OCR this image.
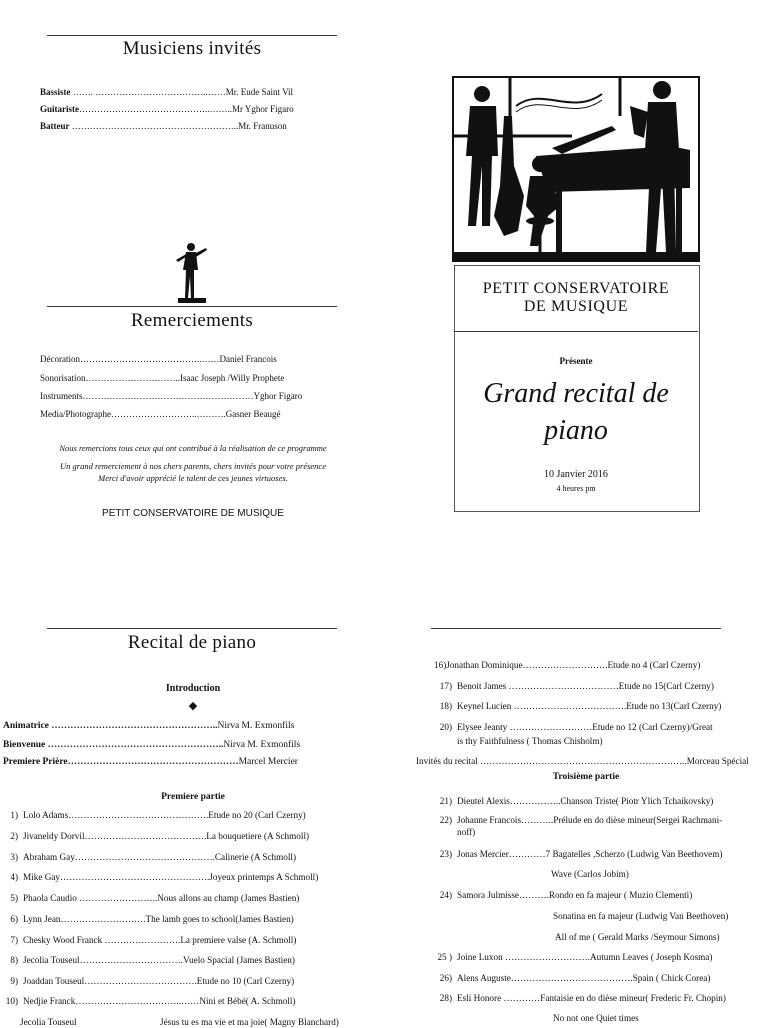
Musiciens invités
Bassiste ……. ………………………………..……Mr. Eude Saint Vil
Guitariste……………………………………..……..Mr Yghor Figaro
Batteur ………………………………………………..Mr. Franuson
Remerciements
Décoration…………………………………..……Daniel Francois
Sonorisation…………………………..Isaac Joseph /Willy Prophete
Instruments…………………………………………………Yghor Figaro
Media/Photographe………………………..……….Gasner Beaugé
Nous remercions tous ceux qui ont contribué à la réalisation de ce programme
Un grand remerciement à nos chers parents, chers invités pour votre présence
Merci d'avoir apprécié le talent de ces jeunes virtuoses.
PETIT CONSERVATOIRE DE MUSIQUE
PETIT CONSERVATOIRE
DE MUSIQUE
Présente
Grand recital de
piano
10 Janvier 2016
4 heures pm
Recital de piano
Introduction
◆
Animatrice ……………………………………………..Nirva M. Exmonfils
Bienvenue ………………………………………………..Nirva M. Exmonfils
Premiere Prière………………………………………………Marcel Mercier
Premiere partie
1) Lolo Adams……………………………………….Etude no 20 (Carl Czerny)
2) Jivaneldy Dorvil………………………………….La bouquetiere (A Schmoll)
3) Abraham Gay……………………………………….Calinerie (A Schmoll)
4) Mike Gay………………………………………….Joyeux printemps A Schmoll)
5) Phaola Caudio ……………………..Nous allons au champ (James Bastien)
6) Lynn Jean……………………….The lamb goes to school(James Bastien)
7) Chesky Wood Franck …………………….La premiere valse (A. Schmoll)
8) Jecolia Touseul…………………………….Vuelo Spacial (James Bastien)
9) Joaddan Touseul……………………………….Etude no 10 (Carl Czerny)
10) Nedjie Franck……………………………..……Nini et Bébé( A. Schmoll)
Jecolia Touseul	Jésus tu es ma vie et ma joie( Magny Blanchard)
16)Jonathan Dominique……………………….Etude no 4 (Carl Czerny)
17) Benoit James ………………………………Etude no 15(Carl Czerny)
18) Keynel Lucien ……………………………….Etude no 13(Carl Czerny)
20) Elysee Jeanty ………………………Etude no 12 (Carl Czerny)/Great
is thy Faithfulness ( Thomas Chisholm)
Invités du recital …………………………………………………………..Morceau Spécial
Troisième partie
21) Dieutel Alexis……………..Chanson Triste( Piotr Ylich Tchaikovsky)
22) Johanne Francois………..Prélude en do dièse mineur(Sergei Rachmani-
noff)
23) Jonas Mercier…………7 Bagatelles ,Scherzo (Ludwig Van Beethovem)
Wave (Carlos Jobim)
24) Samora Julmisse……….Rondo en fa majeur ( Muzio Clementi)
Sonatina en fa majeur (Ludwig Van Beethoven)
All of me ( Gerald Marks /Seymour Simons)
25 ) Joine Luxon ……………………….Autumn Leaves ( Joseph Kosma)
26) Alens Auguste………………………………….Spain ( Chick Corea)
28) Esli Honore …………Fantaisie en do dièse mineur( Frederic Fr. Chopin)
No not one Quiet times
